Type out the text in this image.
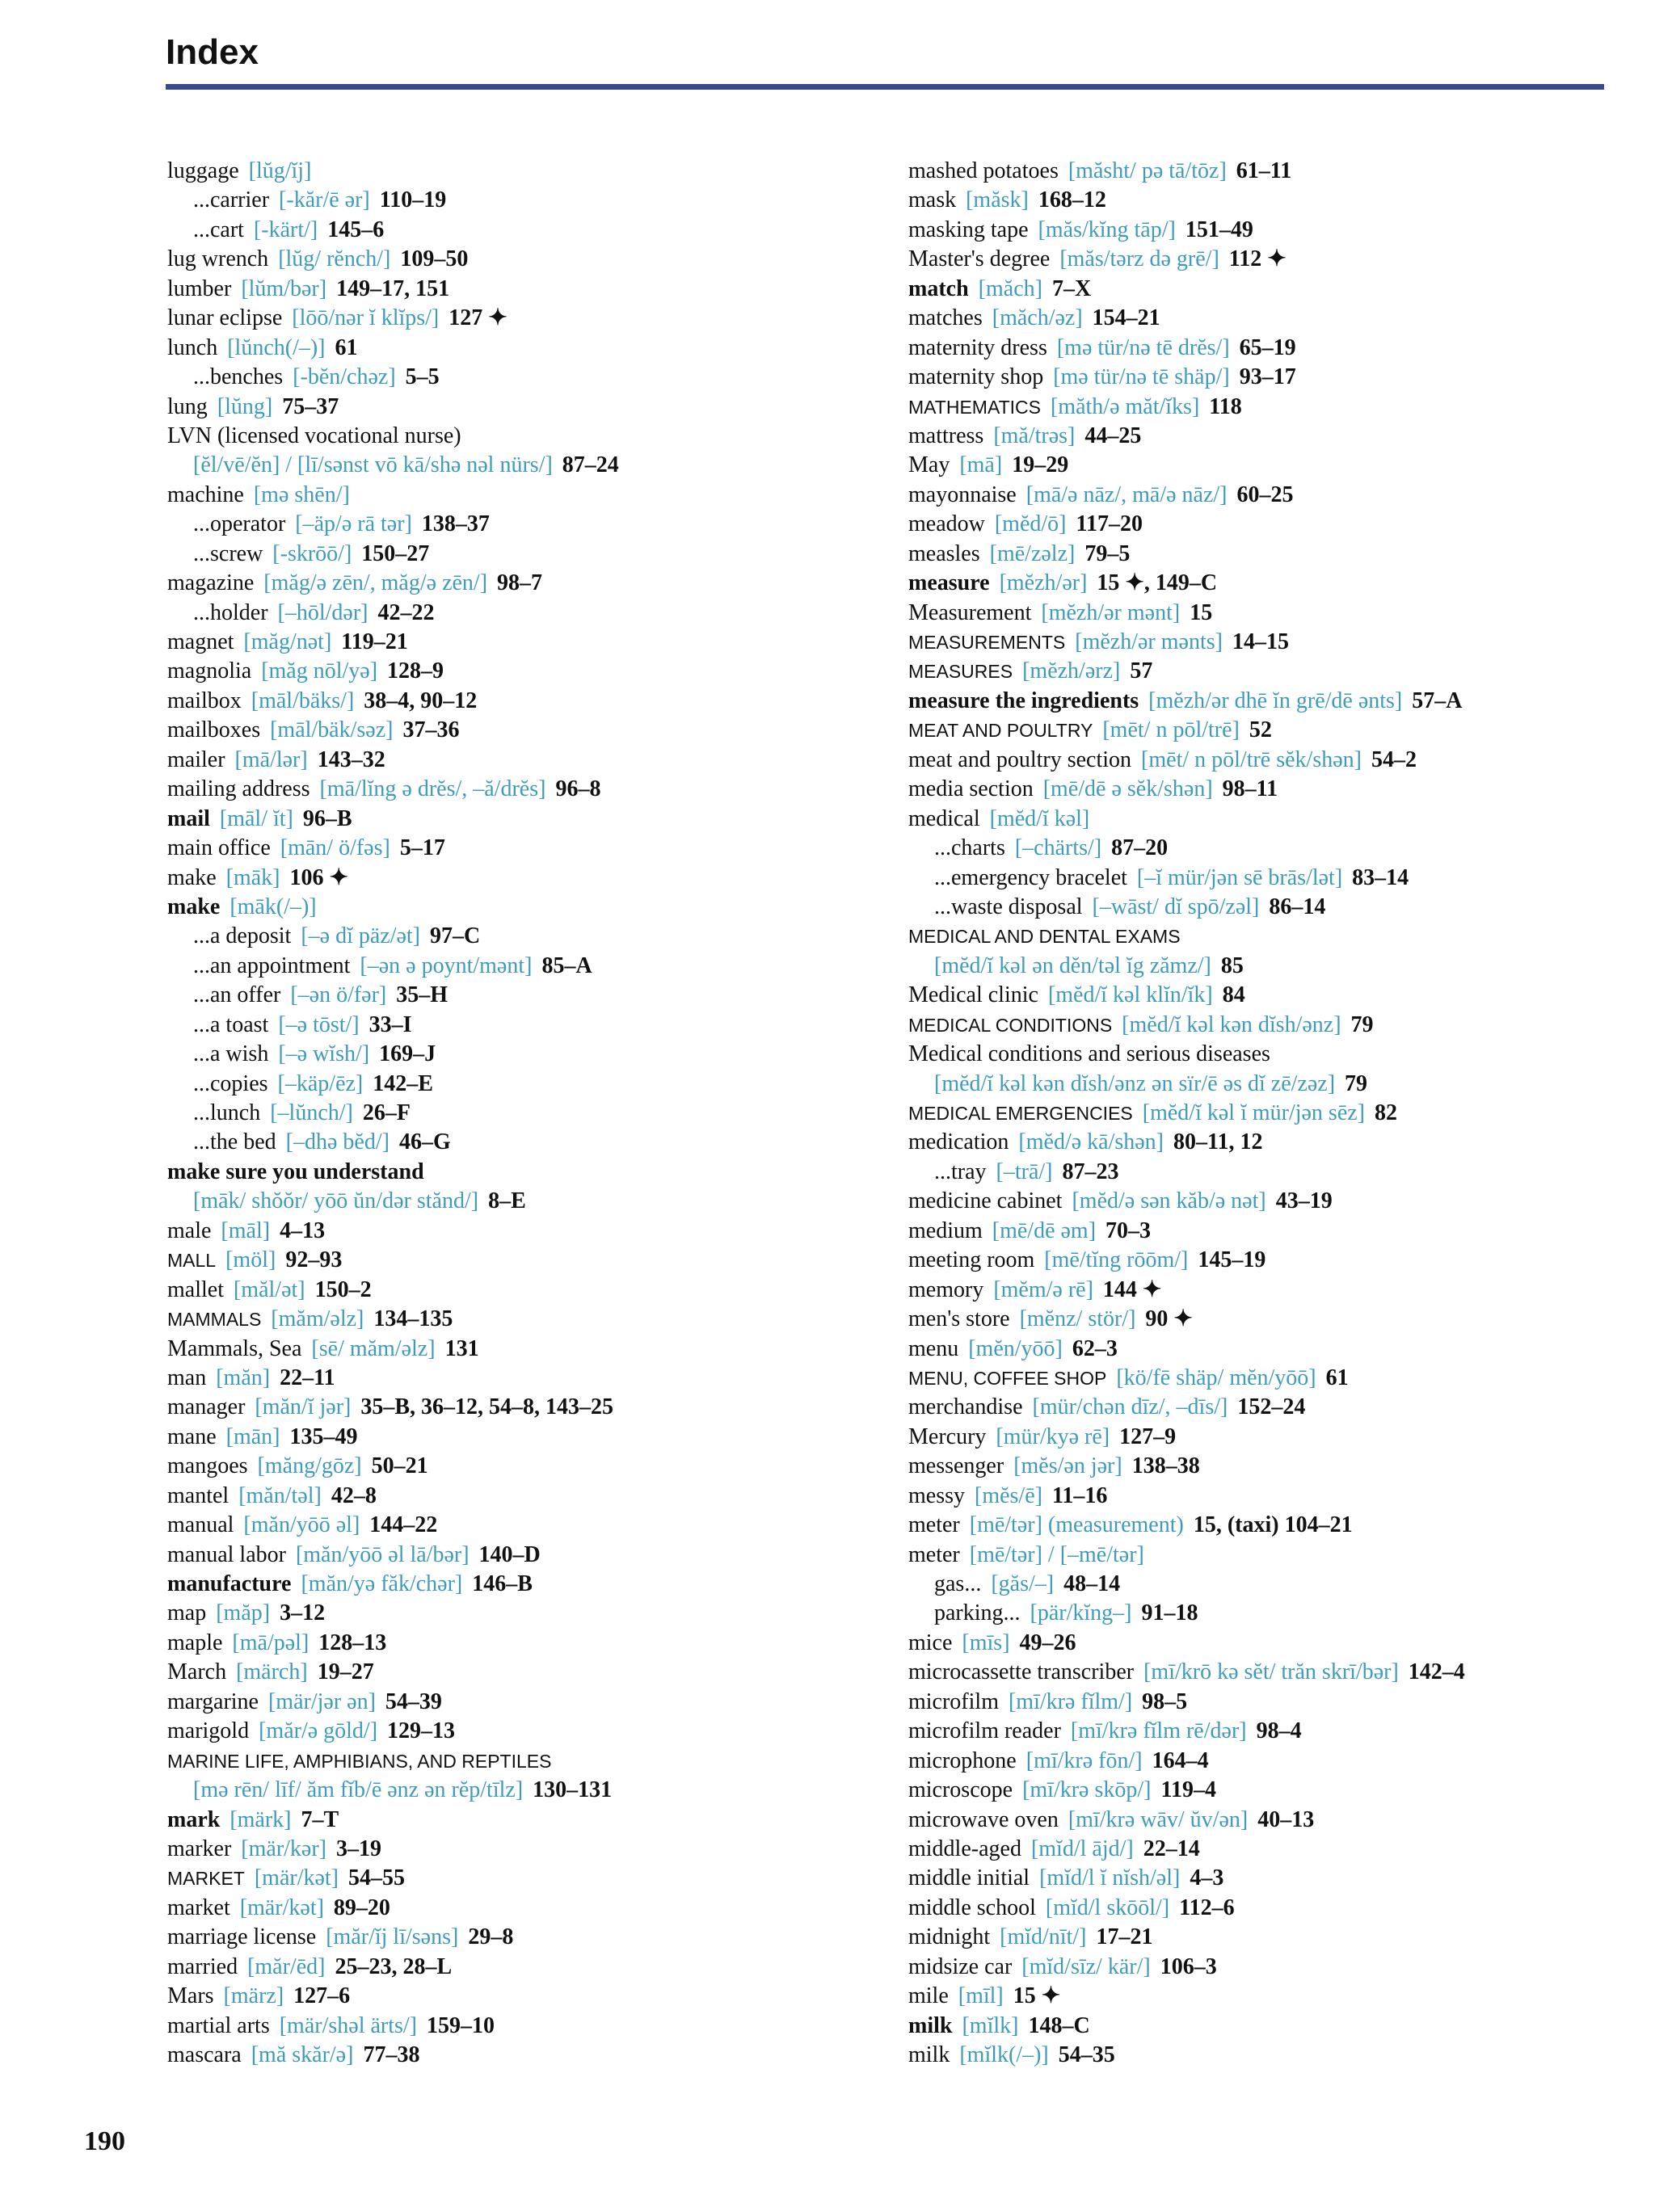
Index
luggage [lŭg/ĭj]
...carrier [-kăr/ē ər] 110–19
...cart [-kärt/] 145–6
lug wrench [lŭg/ rĕnch/] 109–50
lumber [lŭm/bər] 149–17, 151
lunar eclipse [lōō/nər ĭ klĭps/] 127 ✦
lunch [lŭnch(/–)] 61
...benches [-bĕn/chəz] 5–5
lung [lŭng] 75–37
LVN (licensed vocational nurse)
[ĕl/vē/ĕn] / [lī/sənst vō kā/shə nəl nürs/] 87–24
machine [mə shēn/]
...operator [–äp/ə rā tər] 138–37
...screw [-skrōō/] 150–27
magazine [măg/ə zēn/, măg/ə zēn/] 98–7
...holder [–hōl/dər] 42–22
magnet [măg/nət] 119–21
magnolia [măg nōl/yə] 128–9
mailbox [māl/bäks/] 38–4, 90–12
mailboxes [māl/bäk/səz] 37–36
mailer [mā/lər] 143–32
mailing address [mā/lĭng ə drĕs/, –ă/drĕs] 96–8
mail [māl/ ĭt] 96–B
main office [mān/ ö/fəs] 5–17
make [māk] 106 ✦
make [māk(/–)]
...a deposit [–ə dĭ päz/ət] 97–C
...an appointment [–ən ə poynt/mənt] 85–A
...an offer [–ən ö/fər] 35–H
...a toast [–ə tōst/] 33–I
...a wish [–ə wĭsh/] 169–J
...copies [–käp/ēz] 142–E
...lunch [–lŭnch/] 26–F
...the bed [–dhə bĕd/] 46–G
make sure you understand
[māk/ shŏŏr/ yōō ŭn/dər stănd/] 8–E
male [māl] 4–13
MALL [möl] 92–93
mallet [măl/ət] 150–2
MAMMALS [măm/əlz] 134–135
Mammals, Sea [sē/ măm/əlz] 131
man [măn] 22–11
manager [măn/ĭ jər] 35–B, 36–12, 54–8, 143–25
mane [mān] 135–49
mangoes [măng/gōz] 50–21
mantel [măn/təl] 42–8
manual [măn/yōō əl] 144–22
manual labor [măn/yōō əl lā/bər] 140–D
manufacture [măn/yə făk/chər] 146–B
map [măp] 3–12
maple [mā/pəl] 128–13
March [märch] 19–27
margarine [mär/jər ən] 54–39
marigold [măr/ə gōld/] 129–13
MARINE LIFE, AMPHIBIANS, AND REPTILES
[mə rēn/ līf/ ăm fĭb/ē ənz ən rĕp/tīlz] 130–131
mark [märk] 7–T
marker [mär/kər] 3–19
MARKET [mär/kət] 54–55
market [mär/kət] 89–20
marriage license [măr/ĭj lī/səns] 29–8
married [măr/ēd] 25–23, 28–L
Mars [märz] 127–6
martial arts [mär/shəl ärts/] 159–10
mascara [mă skăr/ə] 77–38
mashed potatoes [măsht/ pə tā/tōz] 61–11
mask [măsk] 168–12
masking tape [măs/kĭng tāp/] 151–49
Master's degree [măs/tərz də grē/] 112 ✦
match [măch] 7–X
matches [măch/əz] 154–21
maternity dress [mə tür/nə tē drĕs/] 65–19
maternity shop [mə tür/nə tē shäp/] 93–17
MATHEMATICS [măth/ə măt/ĭks] 118
mattress [mă/trəs] 44–25
May [mā] 19–29
mayonnaise [mā/ə nāz/, mā/ə nāz/] 60–25
meadow [mĕd/ō] 117–20
measles [mē/zəlz] 79–5
measure [mĕzh/ər] 15 ✦, 149–C
Measurement [mĕzh/ər mənt] 15
MEASUREMENTS [mĕzh/ər mənts] 14–15
MEASURES [mĕzh/ərz] 57
measure the ingredients [mĕzh/ər dhē ĭn grē/dē ənts] 57–A
MEAT AND POULTRY [mēt/ n pōl/trē] 52
meat and poultry section [mēt/ n pōl/trē sĕk/shən] 54–2
media section [mē/dē ə sĕk/shən] 98–11
medical [mĕd/ĭ kəl]
...charts [–chärts/] 87–20
...emergency bracelet [–ĭ mür/jən sē brās/lət] 83–14
...waste disposal [–wāst/ dĭ spō/zəl] 86–14
MEDICAL AND DENTAL EXAMS
[mĕd/ĭ kəl ən dĕn/təl ĭg zămz/] 85
Medical clinic [mĕd/ĭ kəl klĭn/ĭk] 84
MEDICAL CONDITIONS [mĕd/ĭ kəl kən dĭsh/ənz] 79
Medical conditions and serious diseases
[mĕd/ĭ kəl kən dĭsh/ənz ən sïr/ē əs dĭ zē/zəz] 79
MEDICAL EMERGENCIES [mĕd/ĭ kəl ĭ mür/jən sēz] 82
medication [mĕd/ə kā/shən] 80–11, 12
...tray [–trā/] 87–23
medicine cabinet [mĕd/ə sən kăb/ə nət] 43–19
medium [mē/dē əm] 70–3
meeting room [mē/tĭng rōōm/] 145–19
memory [mĕm/ə rē] 144 ✦
men's store [mĕnz/ stör/] 90 ✦
menu [mĕn/yōō] 62–3
MENU, COFFEE SHOP [kö/fē shäp/ mĕn/yōō] 61
merchandise [mür/chən dīz/, –dīs/] 152–24
Mercury [mür/kyə rē] 127–9
messenger [mĕs/ən jər] 138–38
messy [mĕs/ē] 11–16
meter [mē/tər] (measurement) 15, (taxi) 104–21
meter [mē/tər] / [–mē/tər]
gas... [găs/–] 48–14
parking... [pär/kĭng–] 91–18
mice [mīs] 49–26
microcassette transcriber [mī/krō kə sĕt/ trăn skrī/bər] 142–4
microfilm [mī/krə fĭlm/] 98–5
microfilm reader [mī/krə fĭlm rē/dər] 98–4
microphone [mī/krə fōn/] 164–4
microscope [mī/krə skōp/] 119–4
microwave oven [mī/krə wāv/ ŭv/ən] 40–13
middle-aged [mĭd/l ājd/] 22–14
middle initial [mĭd/l ĭ nĭsh/əl] 4–3
middle school [mĭd/l skōōl/] 112–6
midnight [mĭd/nīt/] 17–21
midsize car [mĭd/sīz/ kär/] 106–3
mile [mīl] 15 ✦
milk [mĭlk] 148–C
milk [mĭlk(/–)] 54–35
190
